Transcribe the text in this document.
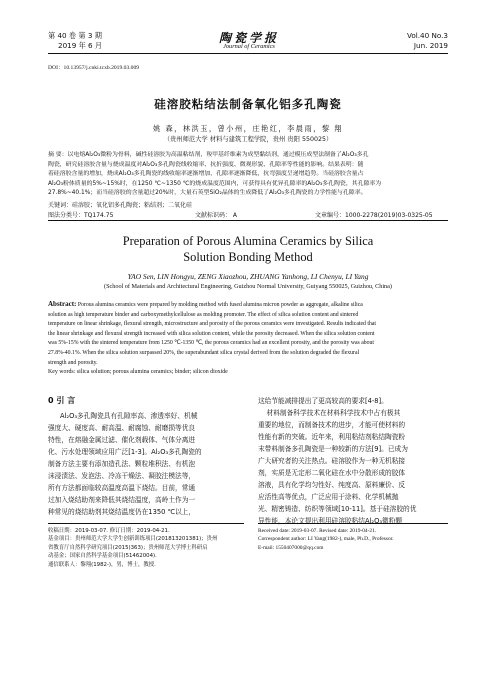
第 40 卷 第 3 期
2019 年 6 月
陶瓷学报
Journal of Ceramics
Vol.40 No.3
Jun. 2019
DOI：10.13957/j.cnki.tcxb.2019.03.009
硅溶胶粘结法制备氧化铝多孔陶瓷
姚 森，林洪玉，曾小州，庄艳红，李晨雨，黎 翔
（贵州师范大学 材料与建筑工程学院，贵州 贵阳 550025）
摘 要：以电熔Al₂O₃微粉为骨料，碱性硅溶胶为高温粘结剂，羧甲基纤维素为成型黏结剂，通过模压成型法制备了Al₂O₃多孔
陶瓷，研究硅溶胶含量与烧成温度对Al₂O₃多孔陶瓷线收缩率、抗折强度、微观形貌、孔隙率等性能的影响。结果表明：随
着硅溶胶含量的增加，烧成Al₂O₃多孔陶瓷的线收缩率逐渐增加，孔隙率逐渐降低，抗弯强度呈递增趋势。当硅溶胶含量占
Al₂O₃粉体质量的5%~15%时，在1250 ℃~1350 ℃的烧成温度范围内，可获得具有优异孔隙率的Al₂O₃多孔陶瓷，其孔隙率为
27.8%~40.1%；而当硅溶胶的含量超过20%时，大量石英型SiO₂晶体的生成降低了Al₂O₃多孔陶瓷的力学性能与孔隙率。
关键词：硅溶胶；氧化铝多孔陶瓷；粘结剂；二氧化硅
图法分类号：TQ174.75	文献标识码： A	文章编号：1000-2278(2019)03-0325-05
Preparation of Porous Alumina Ceramics by Silica
Solution Bonding Method
YAO Sen, LIN Hongyu, ZENG Xiaozhou, ZHUANG Yanhong, LI Chenyu, LI Yang
(School of Materials and Architectural Engineering, Guizhou Normal University, Guiyang 550025, Guizhou, China)
Abstract: Porous alumina ceramics were prepared by molding method with fused alumina micron powder as aggregate, alkaline silica
solution as high temperature binder and carboxymethylcellulose as molding promoter. The effect of silica solution content and sintered
temperature on linear shrinkage, flexural strength, microstructure and porosity of the porous ceramics were investigated. Results indicated that
the linear shrinkage and flexural strength increased with silica solution content, while the porosity decreased. When the silica solution content
was 5%-15% with the sintered temperature from 1250 ℃-1350 ℃, the porous ceramics had an excellent porosity, and the porosity was about
27.8%-40.1%. When the silica solution surpassed 20%, the superabundant silica crystal derived from the solution degraded the flexural
strength and porosity.
Key words: silica solution; porous alumina ceramics; binder; silicon dioxide
0 引 言
Al₂O₃多孔陶瓷具有孔隙率高、渗透率好、机械
强度大、硬度高、耐高温、耐腐蚀、耐磨损等优良
特性，在熔融金属过滤、催化剂载体、气体分离进
化、污水处理领域应用广泛[1-3]。Al₂O₃多孔陶瓷的
制备方法主要有添加造孔法、颗粒堆积法、有机泡
沫浸渍法、发泡法、冷冻干燥法、凝胶注模法等，
所有方法都面临较高温度高温下烧结。目前，常通
过加入烧结助剂来降低其烧结温度，高岭土作为一
种常见的烧结助剂其烧结温度仍在1350 ℃以上，
这给节能减排提出了更高较高的要求[4-8]。
材料制备科学技术在材料科学技术中占有极其
重要的地位，而制备技术的进步，才能可使材料的
性能有新的突破。近年来，利用粘结剂粘结陶瓷粉
末带料制备多孔陶瓷是一种较新的方法[9]。已成为
广大研究者的关注热点。硅溶胶作为一种无机粘接
剂，实质是无定形二氧化硅在水中分散形成的胶体
溶液，具有化学均匀性好、纯度高、原料廉价、反
应活性高等优点，广泛应用于涂料、化学机械抛
光、精密铸造、纺织等领域[10-11]。基于硅溶胶的优
异性能，本论文提出利用硅溶胶粘结Al₂O₃微粉颗
收稿日期：2019-03-07. 修订日期：2019-04-21.
基金项目：贵州师范大学大学生创新训练项目(201813201381)；贵州
省教育厅自然科学研究项目(2015)363)；贵州师范大学博士科研启
动基金；国家自然科学基金项目(51462004).
通信联系人：黎翔(1982-)，男，博士，教授.
Received date: 2019-03-07. Revised date: 2019-04-21.
Correspondent author: LI Yang(1982-), male, Ph.D., Professor.
E-mail: 1550407000@qq.com
